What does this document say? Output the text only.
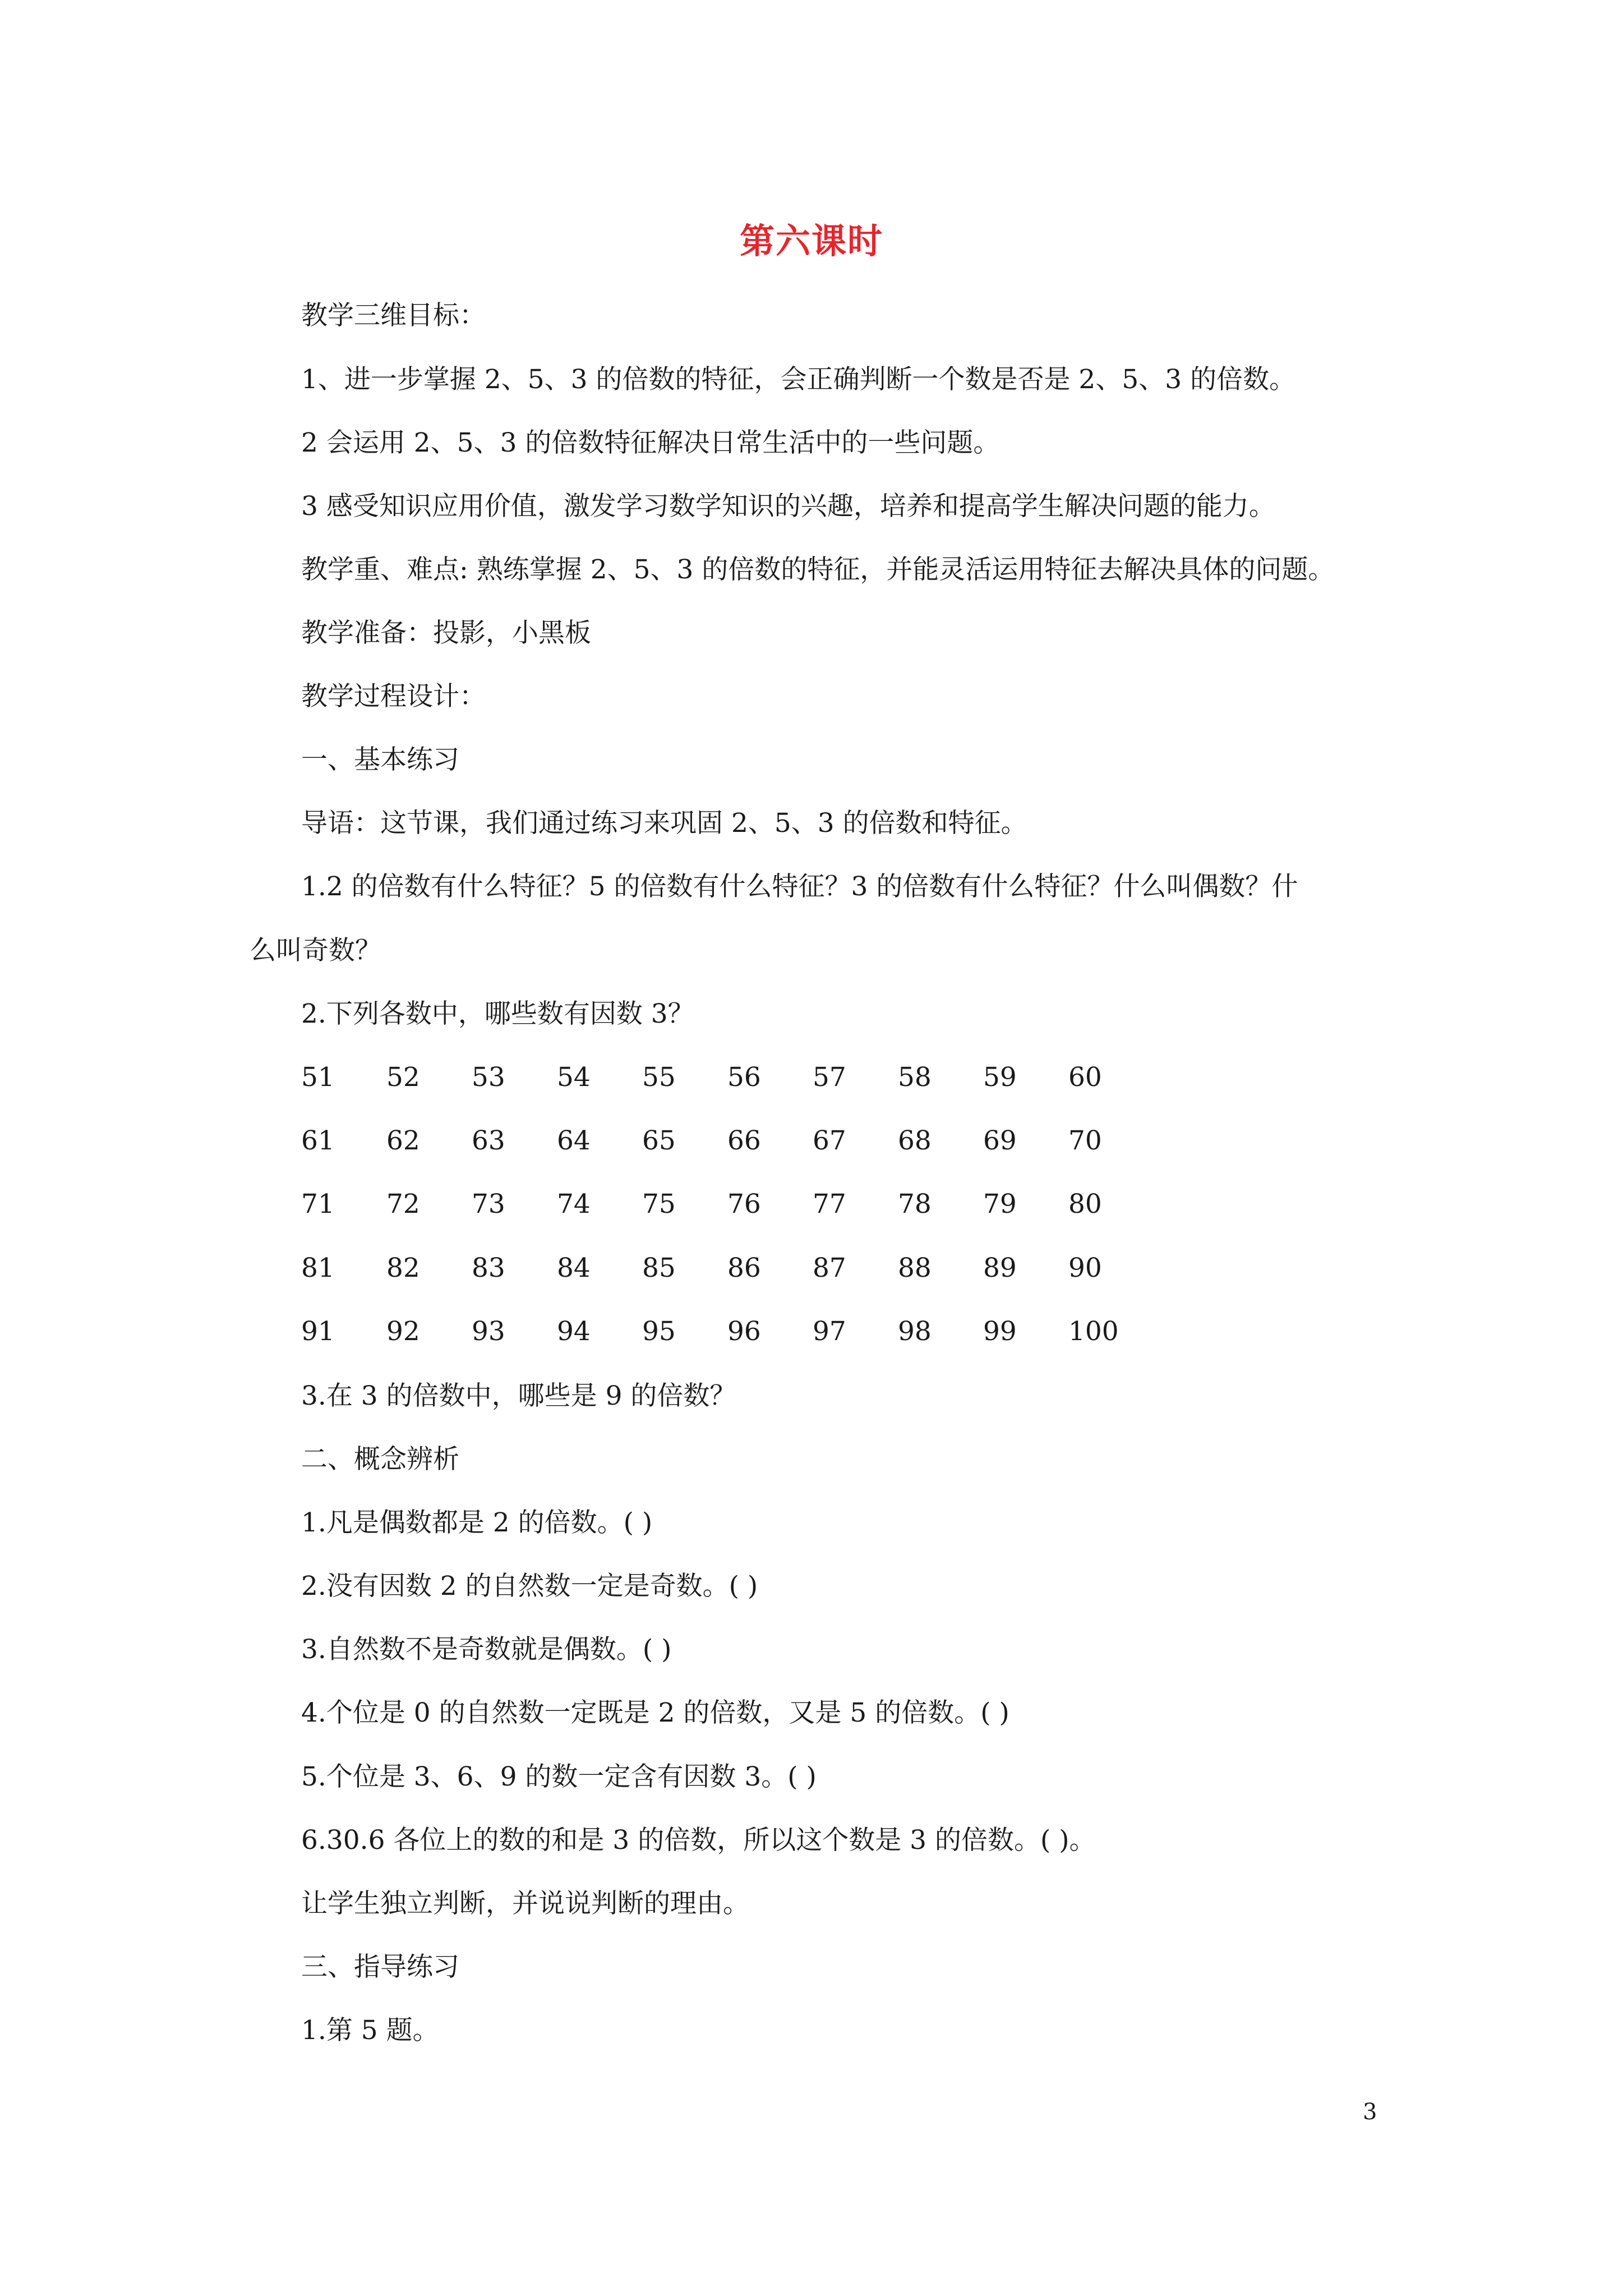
第六课时
教学三维目标：
1、进一步掌握 2、5、3 的倍数的特征，会正确判断一个数是否是 2、5、3 的倍数。
2 会运用 2、5、3 的倍数特征解决日常生活中的一些问题。
3 感受知识应用价值，激发学习数学知识的兴趣，培养和提高学生解决问题的能力。
教学重、难点: 熟练掌握 2、5、3 的倍数的特征，并能灵活运用特征去解决具体的问题。
教学准备：投影，小黑板
教学过程设计：
一、基本练习
导语：这节课，我们通过练习来巩固 2、5、3 的倍数和特征。
1.2 的倍数有什么特征？5 的倍数有什么特征？3 的倍数有什么特征？什么叫偶数？什
么叫奇数？
2.下列各数中，哪些数有因数 3？
51 52 53 54 55 56 57 58 59 60
61 62 63 64 65 66 67 68 69 70
71 72 73 74 75 76 77 78 79 80
81 82 83 84 85 86 87 88 89 90
91 92 93 94 95 96 97 98 99 100
3.在 3 的倍数中，哪些是 9 的倍数？
二、概念辨析
1.凡是偶数都是 2 的倍数。( )
2.没有因数 2 的自然数一定是奇数。( )
3.自然数不是奇数就是偶数。( )
4.个位是 0 的自然数一定既是 2 的倍数，又是 5 的倍数。( )
5.个位是 3、6、9 的数一定含有因数 3。( )
6.30.6 各位上的数的和是 3 的倍数，所以这个数是 3 的倍数。( )。
让学生独立判断，并说说判断的理由。
三、指导练习
1.第 5 题。
3
